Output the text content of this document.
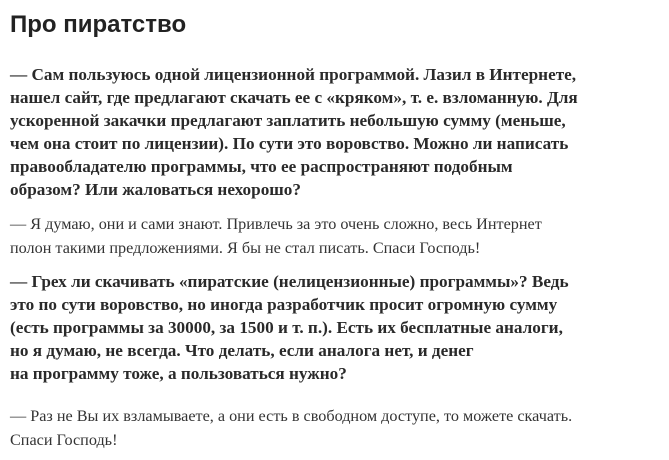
Про пиратство

— Сам пользуюсь одной лицензионной программой. Лазил в Интернете,
нашел сайт, где предлагают скачать ее с «кряком», т. е. взломанную. Для
ускоренной закачки предлагают заплатить небольшую сумму (меньше,
чем она стоит по лицензии). По сути это воровство. Можно ли написать
правообладателю программы, что ее распространяют подобным
образом? Или жаловаться нехорошо?

— Я думаю, они и сами знают. Привлечь за это очень сложно, весь Интернет
полон такими предложениями. Я бы не стал писать. Спаси Господь!

— Грех ли скачивать «пиратские (нелицензионные) программы»? Ведь
это по сути воровство, но иногда разработчик просит огромную сумму
(есть программы за 30000, за 1500 и т. п.). Есть их бесплатные аналоги,
но я думаю, не всегда. Что делать, если аналога нет, и денег
на программу тоже, а пользоваться нужно?

— Раз не Вы их взламываете, а они есть в свободном доступе, то можете скачать.
Спаси Господь!
